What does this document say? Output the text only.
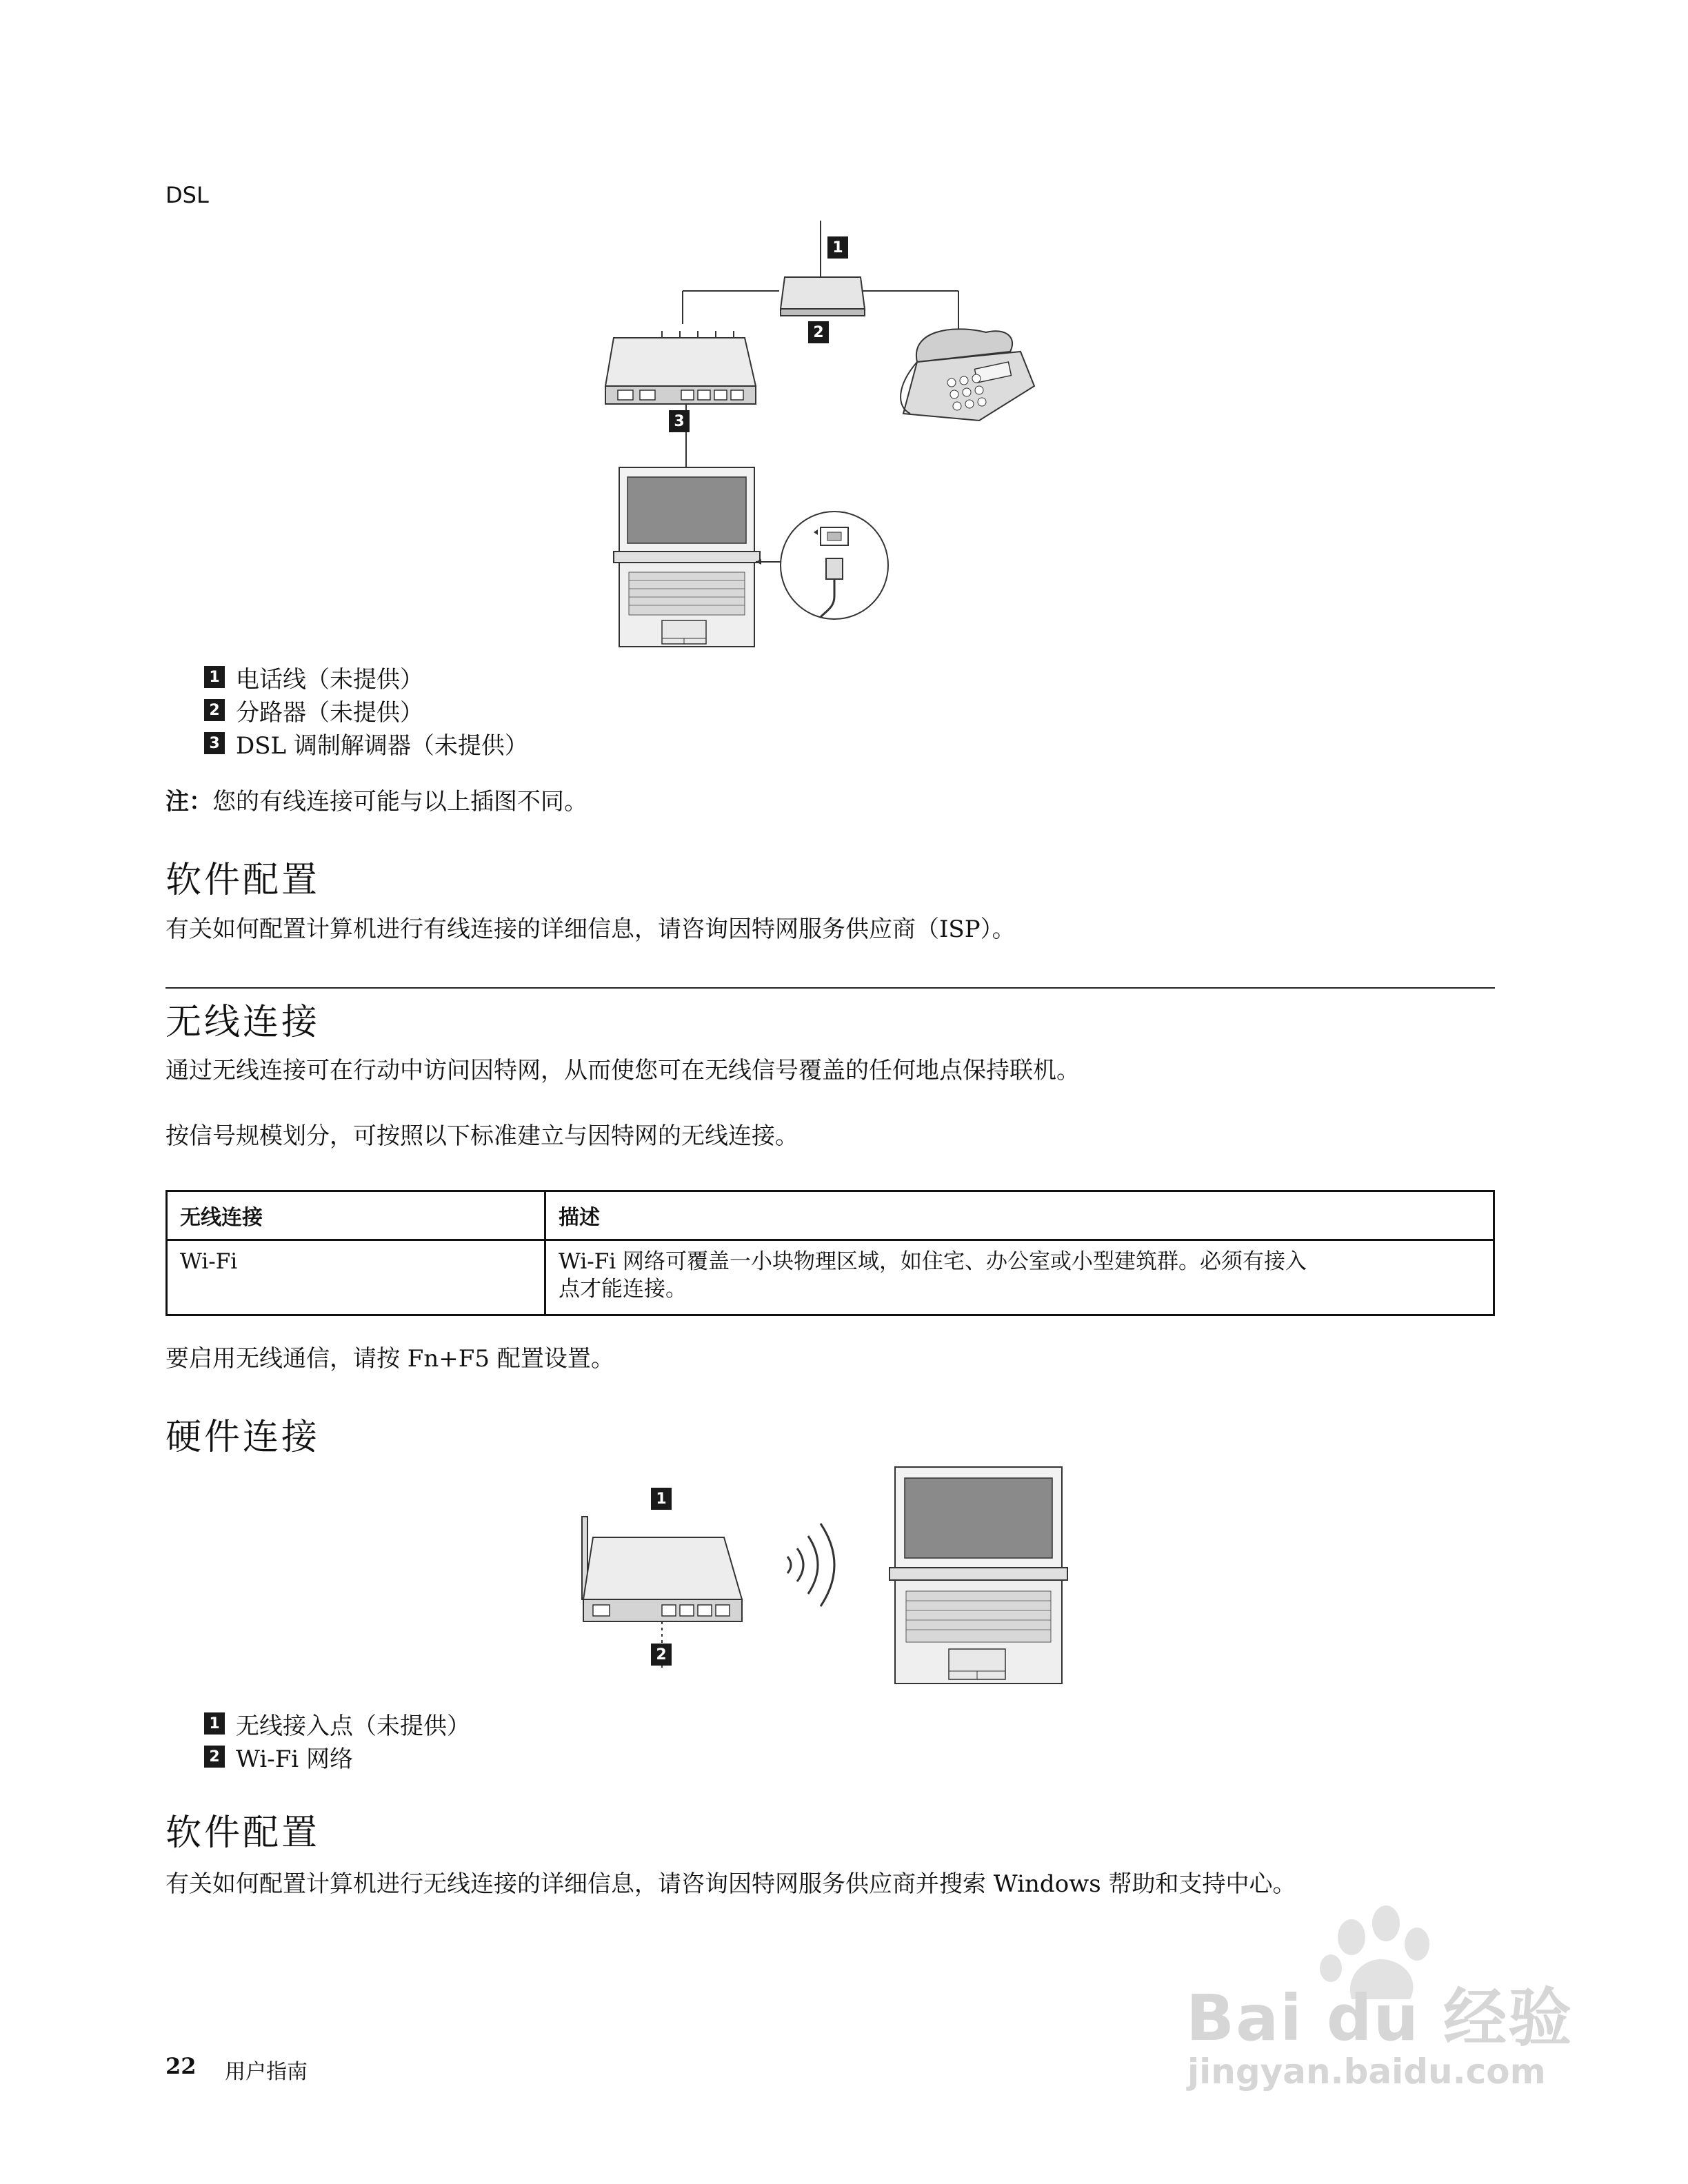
DSL
1
2
3
1 电话线（未提供）
2 分路器（未提供）
3 DSL 调制解调器（未提供）
注：您的有线连接可能与以上插图不同。
软件配置
有关如何配置计算机进行有线连接的详细信息，请咨询因特网服务供应商（ISP）。
无线连接
通过无线连接可在行动中访问因特网，从而使您可在无线信号覆盖的任何地点保持联机。
按信号规模划分，可按照以下标准建立与因特网的无线连接。
无线连接	描述
Wi-Fi	Wi-Fi 网络可覆盖一小块物理区域，如住宅、办公室或小型建筑群。必须有接入
点才能连接。
要启用无线通信，请按 Fn+F5 配置设置。
硬件连接
1
2
1 无线接入点（未提供）
2 Wi-Fi 网络
软件配置
有关如何配置计算机进行无线连接的详细信息，请咨询因特网服务供应商并搜索 Windows 帮助和支持中心。
22 用户指南
Bai du 经验
jingyan.baidu.com
